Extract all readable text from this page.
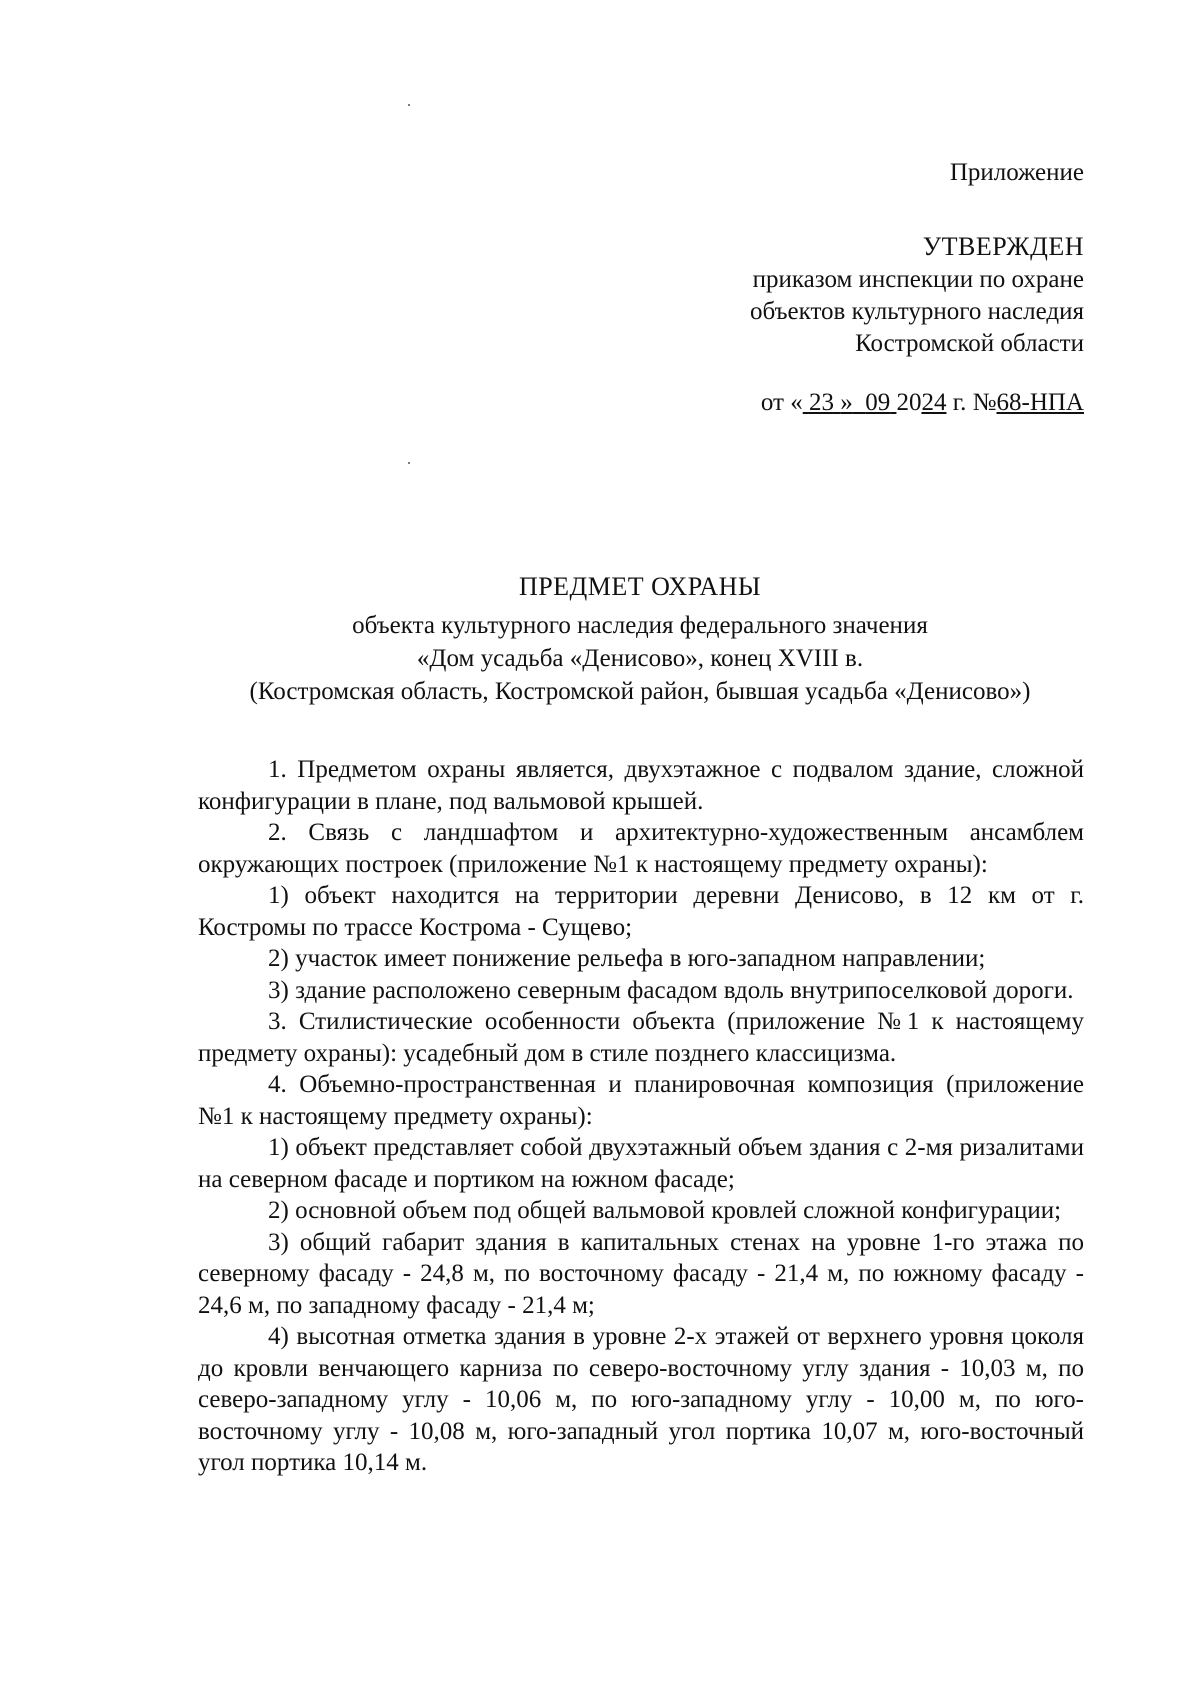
Приложение
УТВЕРЖДЕН
приказом инспекции по охране
объектов культурного наследия
Костромской области
от « 23 » 09 2024 г. №68-НПА
ПРЕДМЕТ ОХРАНЫ
объекта культурного наследия федерального значения
«Дом усадьба «Денисово», конец XVIII в.
(Костромская область, Костромской район, бывшая усадьба «Денисово»)

1. Предметом охраны является, двухэтажное с подвалом здание, сложной конфигурации в плане, под вальмовой крышей.

2. Связь с ландшафтом и архитектурно-художественным ансамблем окружающих построек (приложение №1 к настоящему предмету охраны):

1) объект находится на территории деревни Денисово, в 12 км от г. Костромы по трассе Кострома - Сущево;

2) участок имеет понижение рельефа в юго-западном направлении;

3) здание расположено северным фасадом вдоль внутрипоселковой дороги.

3. Стилистические особенности объекта (приложение №1 к настоящему предмету охраны): усадебный дом в стиле позднего классицизма.

4. Объемно-пространственная и планировочная композиция (приложение №1 к настоящему предмету охраны):

1) объект представляет собой двухэтажный объем здания с 2-мя ризалитами на северном фасаде и портиком на южном фасаде;

2) основной объем под общей вальмовой кровлей сложной конфигурации;

3) общий габарит здания в капитальных стенах на уровне 1-го этажа по северному фасаду - 24,8 м, по восточному фасаду - 21,4 м, по южному фасаду - 24,6 м, по западному фасаду - 21,4 м;

4) высотная отметка здания в уровне 2-х этажей от верхнего уровня цоколя до кровли венчающего карниза по северо-восточному углу здания - 10,03 м, по северо-западному углу - 10,06 м, по юго-западному углу - 10,00 м, по юго-восточному углу - 10,08 м, юго-западный угол портика 10,07 м, юго-восточный угол портика 10,14 м.
